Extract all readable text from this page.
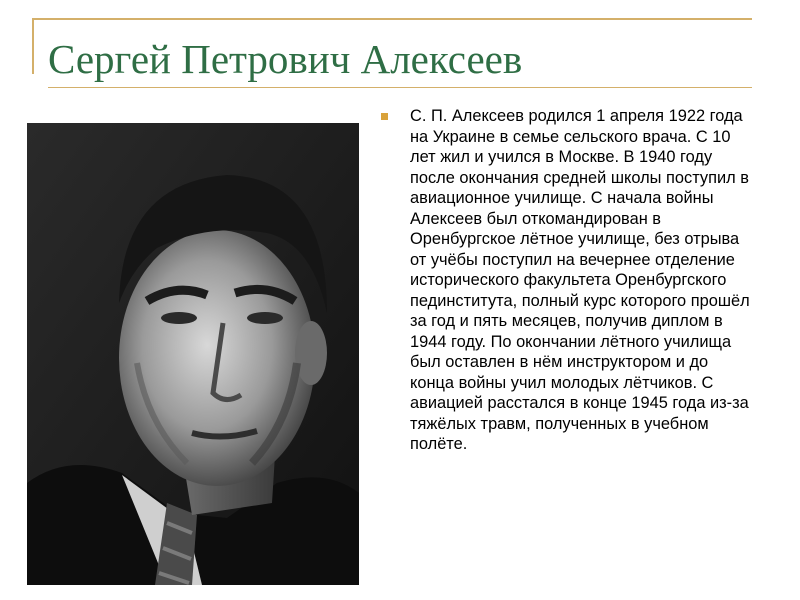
Сергей Петрович Алексеев

С. П. Алексеев родился 1 апреля 1922 года на Украине в семье сельского врача. С 10 лет жил и учился в Москве. В 1940 году после окончания средней школы поступил в авиационное училище. С начала войны Алексеев был откомандирован в Оренбургское лётное училище, без отрыва от учёбы поступил на вечернее отделение исторического факультета Оренбургского пединститута, полный курс которого прошёл за год и пять месяцев, получив диплом в 1944 году. По окончании лётного училища был оставлен в нём инструктором и до конца войны учил молодых лётчиков. С авиацией расстался в конце 1945 года из-за тяжёлых травм, полученных в учебном полёте.
